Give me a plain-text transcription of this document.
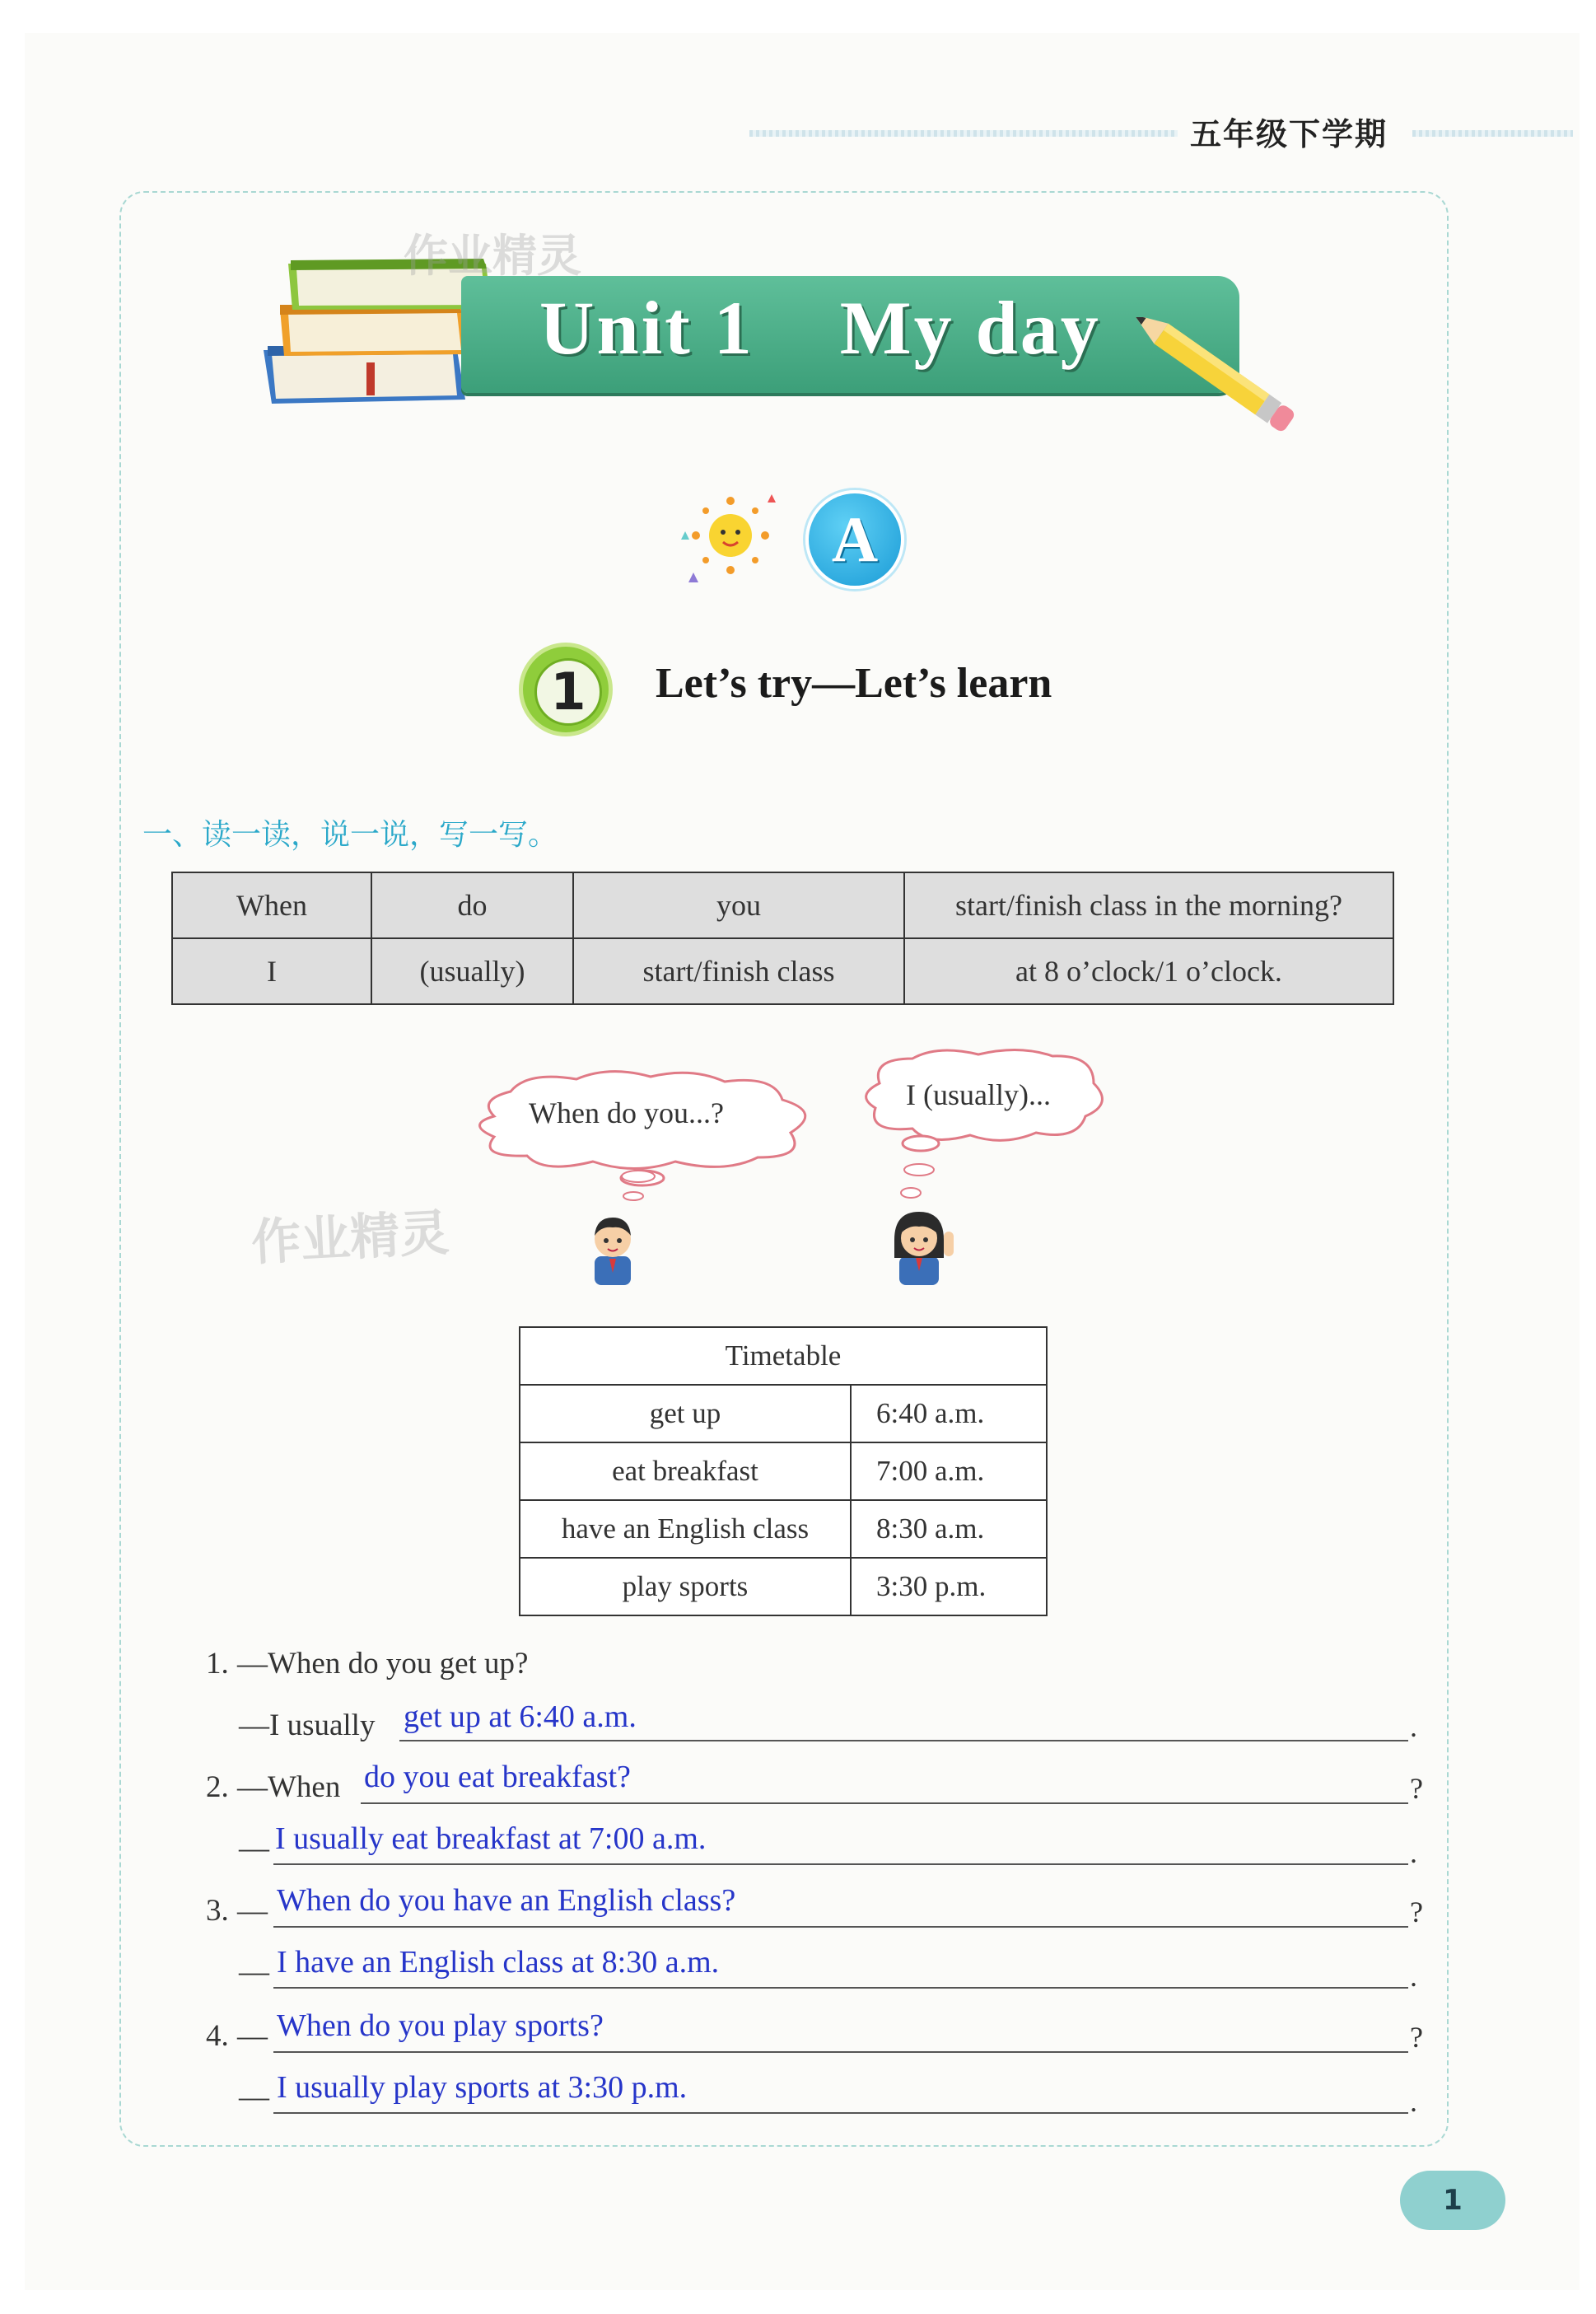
五年级下学期
Unit 1    My day
作业精灵
A
1	Let’s try—Let’s learn
一、读一读，说一说，写一写。
When	do	you	start/finish class in the morning?
I	(usually)	start/finish class	at 8 o’clock/1 o’clock.
When do you...?
I (usually)...
作业精灵
Timetable	
get up	6:40 a.m.
eat breakfast	7:00 a.m.
have an English class	8:30 a.m.
play sports	3:30 p.m.
1. —When do you get up?
—I usually get up at 6:40 a.m.	.
2. —When do you eat breakfast?	?
— I usually eat breakfast at 7:00 a.m.	.
3. — When do you have an English class?	?
— I have an English class at 8:30 a.m.	.
4. — When do you play sports?	?
— I usually play sports at 3:30 p.m.	.
1
